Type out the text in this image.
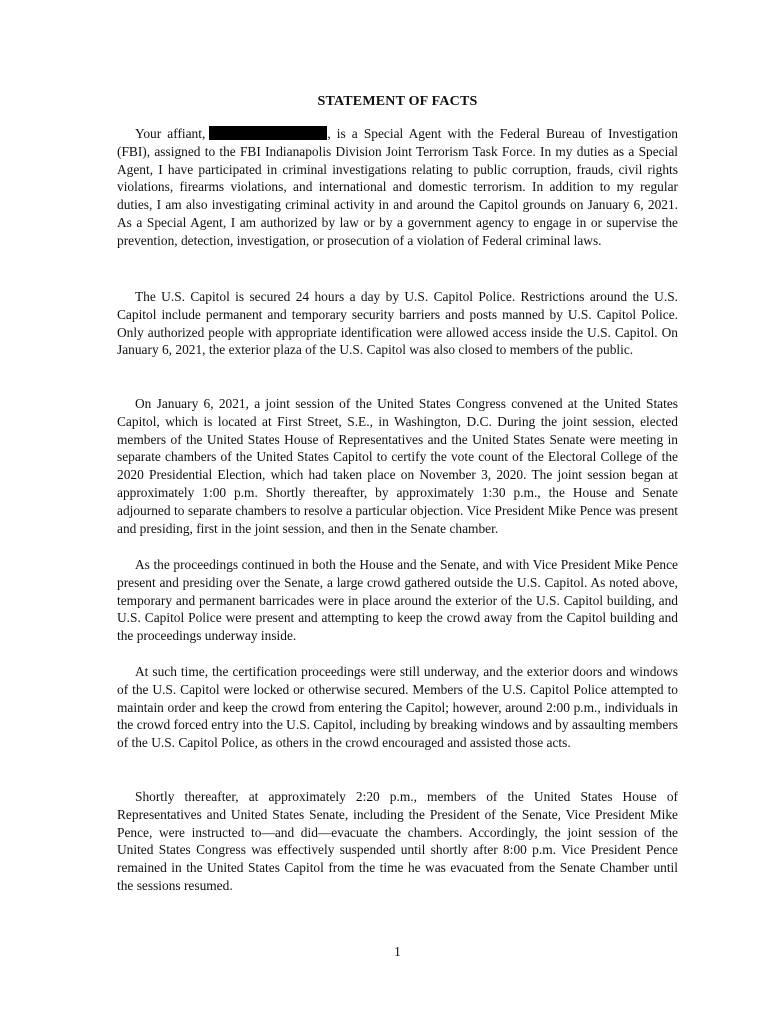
STATEMENT OF FACTS

Your affiant,	, is a Special Agent with the Federal Bureau of Investigation (FBI), assigned to the FBI Indianapolis Division Joint Terrorism Task Force. In my duties as a Special Agent, I have participated in criminal investigations relating to public corruption, frauds, civil rights violations, firearms violations, and international and domestic terrorism. In addition to my regular duties, I am also investigating criminal activity in and around the Capitol grounds on January 6, 2021. As a Special Agent, I am authorized by law or by a government agency to engage in or supervise the prevention, detection, investigation, or prosecution of a violation of Federal criminal laws.

The U.S. Capitol is secured 24 hours a day by U.S. Capitol Police. Restrictions around the U.S. Capitol include permanent and temporary security barriers and posts manned by U.S. Capitol Police. Only authorized people with appropriate identification were allowed access inside the U.S. Capitol. On January 6, 2021, the exterior plaza of the U.S. Capitol was also closed to members of the public.

On January 6, 2021, a joint session of the United States Congress convened at the United States Capitol, which is located at First Street, S.E., in Washington, D.C. During the joint session, elected members of the United States House of Representatives and the United States Senate were meeting in separate chambers of the United States Capitol to certify the vote count of the Electoral College of the 2020 Presidential Election, which had taken place on November 3, 2020. The joint session began at approximately 1:00 p.m. Shortly thereafter, by approximately 1:30 p.m., the House and Senate adjourned to separate chambers to resolve a particular objection. Vice President Mike Pence was present and presiding, first in the joint session, and then in the Senate chamber.

As the proceedings continued in both the House and the Senate, and with Vice President Mike Pence present and presiding over the Senate, a large crowd gathered outside the U.S. Capitol. As noted above, temporary and permanent barricades were in place around the exterior of the U.S. Capitol building, and U.S. Capitol Police were present and attempting to keep the crowd away from the Capitol building and the proceedings underway inside.

At such time, the certification proceedings were still underway, and the exterior doors and windows of the U.S. Capitol were locked or otherwise secured. Members of the U.S. Capitol Police attempted to maintain order and keep the crowd from entering the Capitol; however, around 2:00 p.m., individuals in the crowd forced entry into the U.S. Capitol, including by breaking windows and by assaulting members of the U.S. Capitol Police, as others in the crowd encouraged and assisted those acts.

Shortly thereafter, at approximately 2:20 p.m., members of the United States House of Representatives and United States Senate, including the President of the Senate, Vice President Mike Pence, were instructed to—and did—evacuate the chambers. Accordingly, the joint session of the United States Congress was effectively suspended until shortly after 8:00 p.m. Vice President Pence remained in the United States Capitol from the time he was evacuated from the Senate Chamber until the sessions resumed.

1
